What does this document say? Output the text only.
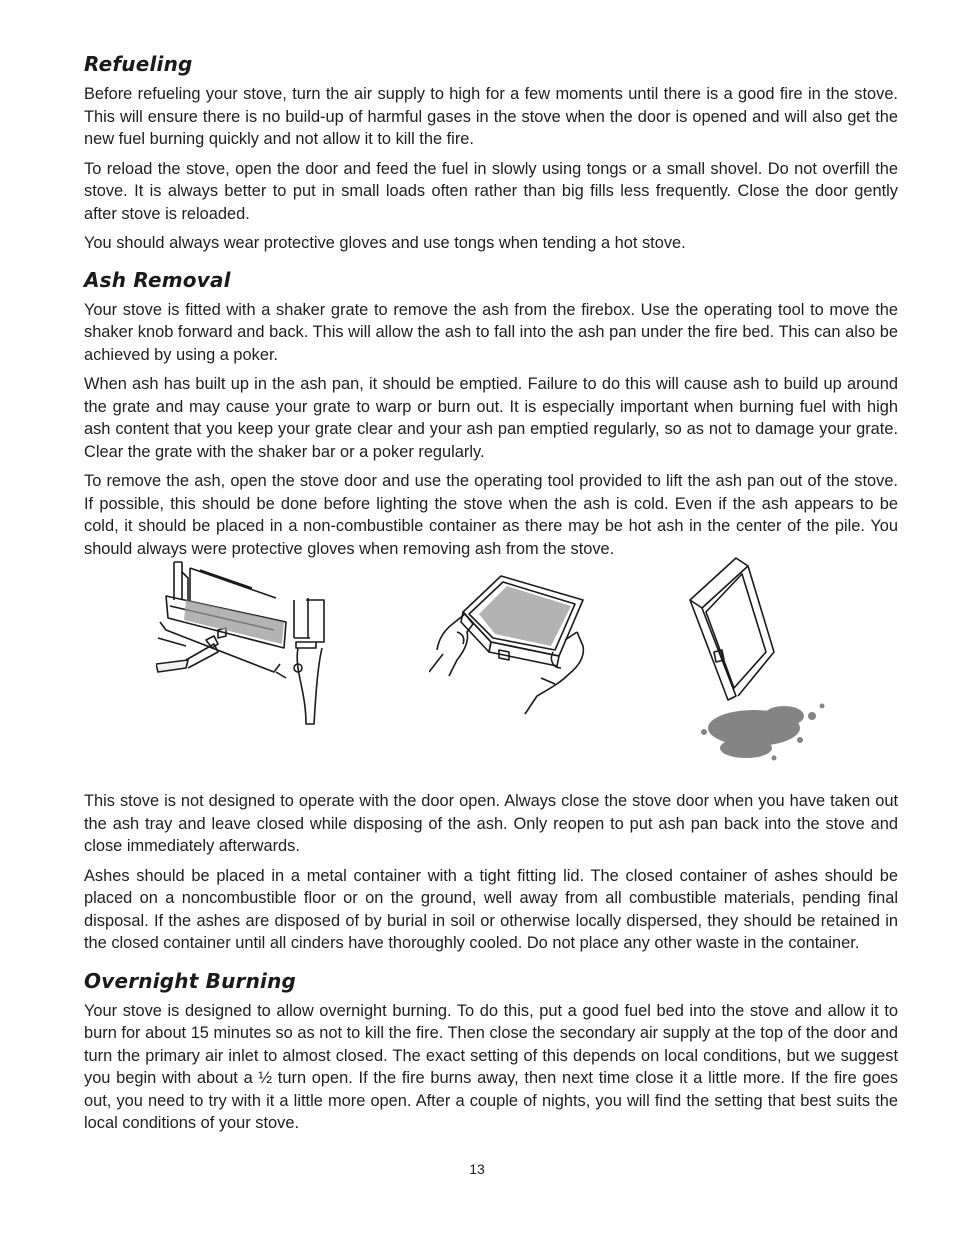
Refueling

Before refueling your stove, turn the air supply to high for a few moments until there is a good fire in the stove. This will ensure there is no build-up of harmful gases in the stove when the door is opened and will also get the new fuel burning quickly and not allow it to kill the fire.

To reload the stove, open the door and feed the fuel in slowly using tongs or a small shovel. Do not overfill the stove. It is always better to put in small loads often rather than big fills less frequently. Close the door gently after stove is reloaded.

You should always wear protective gloves and use tongs when tending a hot stove.

Ash Removal

Your stove is fitted with a shaker grate to remove the ash from the firebox. Use the operating tool to move the shaker knob forward and back. This will allow the ash to fall into the ash pan under the fire bed. This can also be achieved by using a poker.

When ash has built up in the ash pan, it should be emptied. Failure to do this will cause ash to build up around the grate and may cause your grate to warp or burn out. It is especially important when burning fuel with high ash content that you keep your grate clear and your ash pan emptied regularly, so as not to damage your grate. Clear the grate with the shaker bar or a poker regularly.

To remove the ash, open the stove door and use the operating tool provided to lift the ash pan out of the stove. If possible, this should be done before lighting the stove when the ash is cold. Even if the ash appears to be cold, it should be placed in a non-combustible container as there may be hot ash in the center of the pile. You should always were protective gloves when removing ash from the stove.

This stove is not designed to operate with the door open. Always close the stove door when you have taken out the ash tray and leave closed while disposing of the ash. Only reopen to put ash pan back into the stove and close immediately afterwards.

Ashes should be placed in a metal container with a tight fitting lid. The closed container of ashes should be placed on a noncombustible floor or on the ground, well away from all combustible materials, pending final disposal. If the ashes are disposed of by burial in soil or otherwise locally dispersed, they should be retained in the closed container until all cinders have thoroughly cooled. Do not place any other waste in the container.

Overnight Burning

Your stove is designed to allow overnight burning. To do this, put a good fuel bed into the stove and allow it to burn for about 15 minutes so as not to kill the fire. Then close the secondary air supply at the top of the door and turn the primary air inlet to almost closed. The exact setting of this depends on local conditions, but we suggest you begin with about a ½ turn open. If the fire burns away, then next time close it a little more. If the fire goes out, you need to try with it a little more open. After a couple of nights, you will find the setting that best suits the local conditions of your stove.

13
